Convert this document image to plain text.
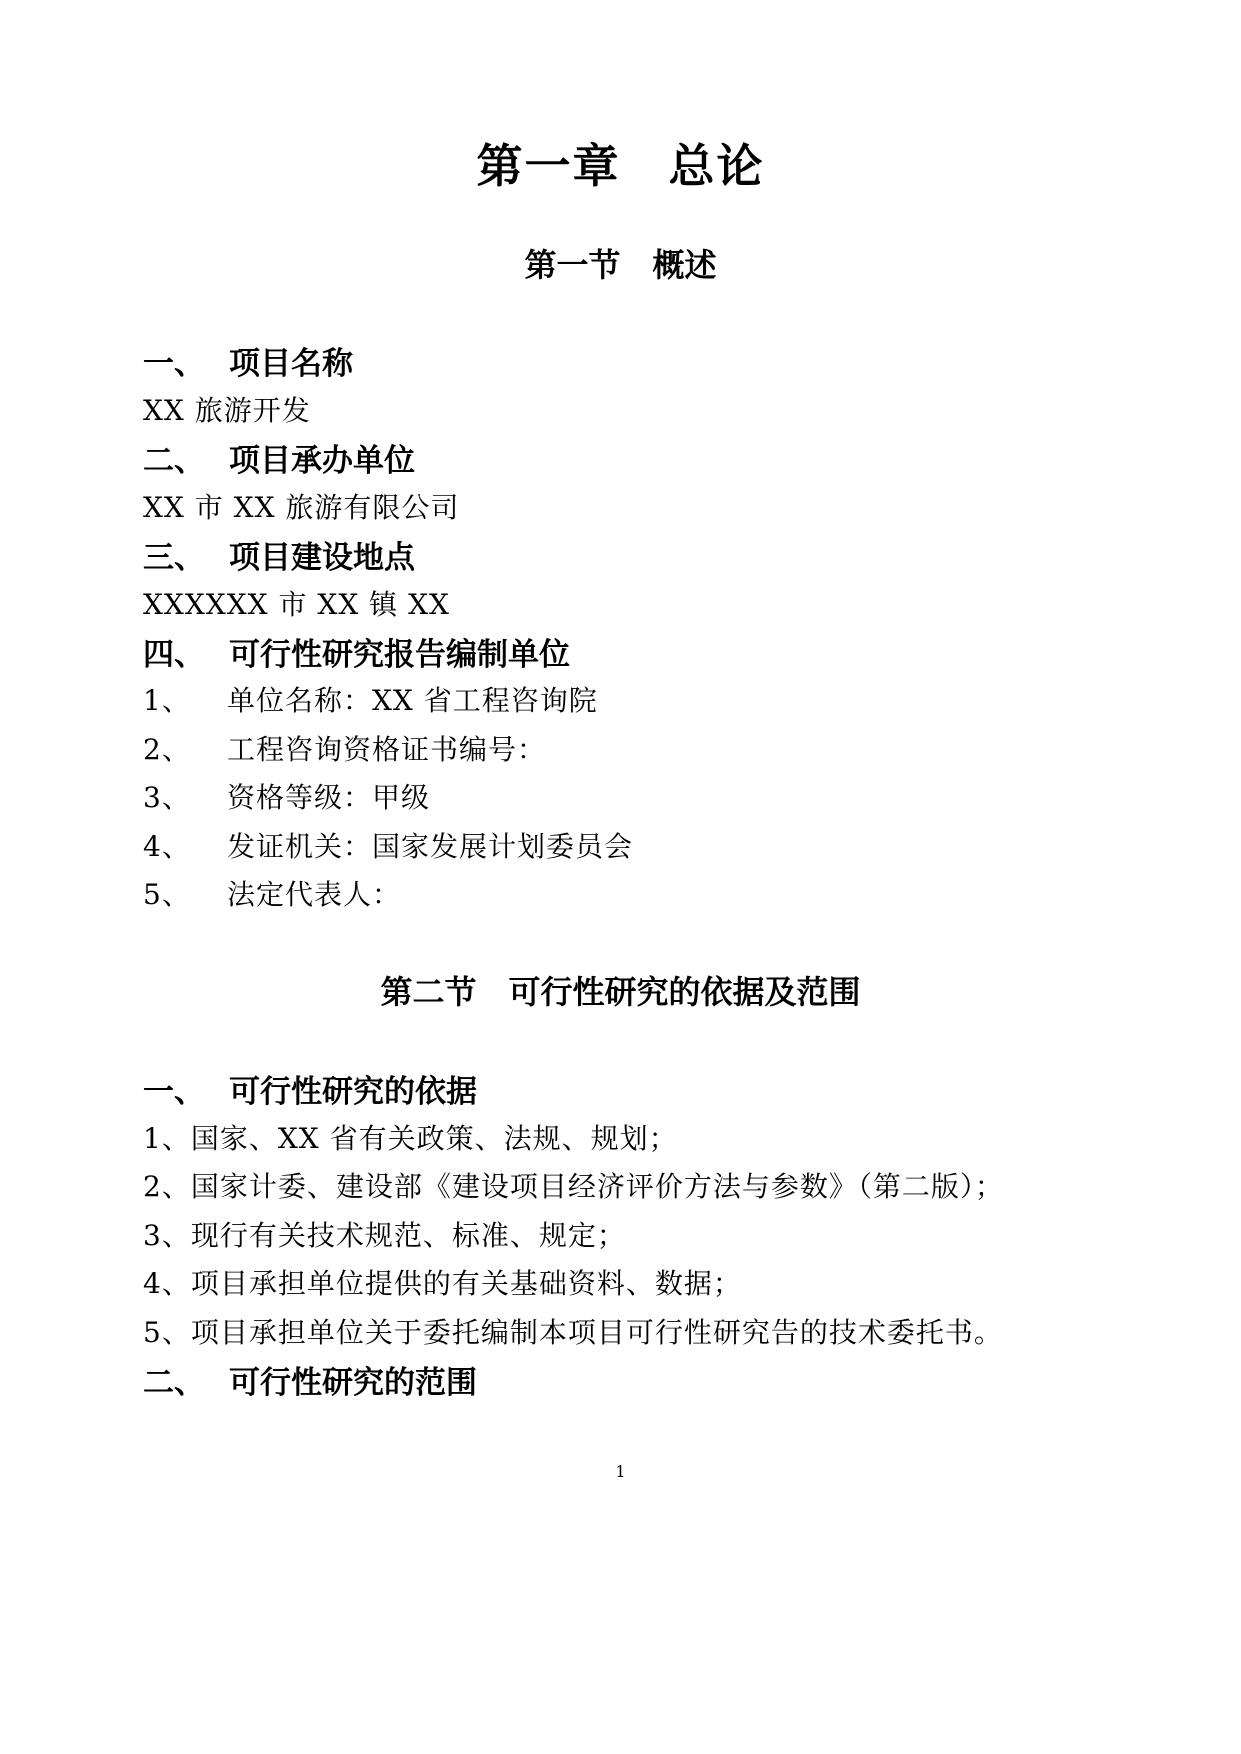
第一章　总论
第一节　概述
一、 项目名称
XX 旅游开发
二、 项目承办单位
XX 市 XX 旅游有限公司
三、 项目建设地点
XXXXXX 市 XX 镇 XX
四、 可行性研究报告编制单位
1、 单位名称：XX 省工程咨询院
2、 工程咨询资格证书编号：
3、 资格等级：甲级
4、 发证机关：国家发展计划委员会
5、 法定代表人：
第二节　可行性研究的依据及范围
一、 可行性研究的依据
1、国家、XX 省有关政策、法规、规划；
2、国家计委、建设部《建设项目经济评价方法与参数》（第二版）；
3、现行有关技术规范、标准、规定；
4、项目承担单位提供的有关基础资料、数据；
5、项目承担单位关于委托编制本项目可行性研究告的技术委托书。
二、 可行性研究的范围
1
